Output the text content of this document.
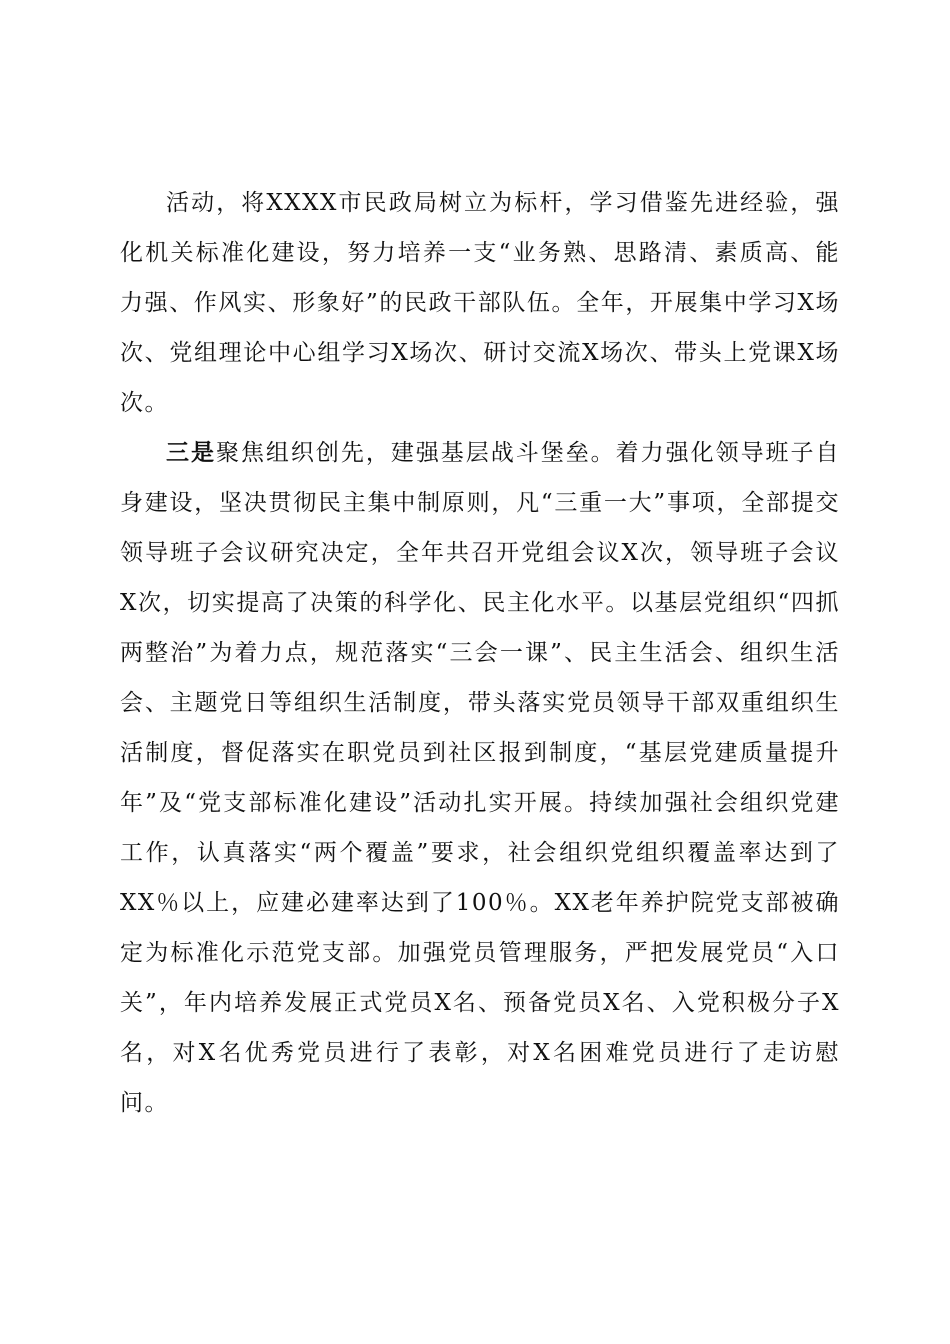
活动，将XXXX市民政局树立为标杆，学习借鉴先进经验，强化机关标准化建设，努力培养一支“业务熟、思路清、素质高、能力强、作风实、形象好”的民政干部队伍。全年，开展集中学习X场次、党组理论中心组学习X场次、研讨交流X场次、带头上党课X场次。

三是聚焦组织创先，建强基层战斗堡垒。着力强化领导班子自身建设，坚决贯彻民主集中制原则，凡“三重一大”事项，全部提交领导班子会议研究决定，全年共召开党组会议X次，领导班子会议X次，切实提高了决策的科学化、民主化水平。以基层党组织“四抓两整治”为着力点，规范落实“三会一课”、民主生活会、组织生活会、主题党日等组织生活制度，带头落实党员领导干部双重组织生活制度，督促落实在职党员到社区报到制度，“基层党建质量提升年”及“党支部标准化建设”活动扎实开展。持续加强社会组织党建工作，认真落实“两个覆盖”要求，社会组织党组织覆盖率达到了XX％以上，应建必建率达到了100％。XX老年养护院党支部被确定为标准化示范党支部。加强党员管理服务，严把发展党员“入口关”，年内培养发展正式党员X名、预备党员X名、入党积极分子X名，对X名优秀党员进行了表彰，对X名困难党员进行了走访慰问。
